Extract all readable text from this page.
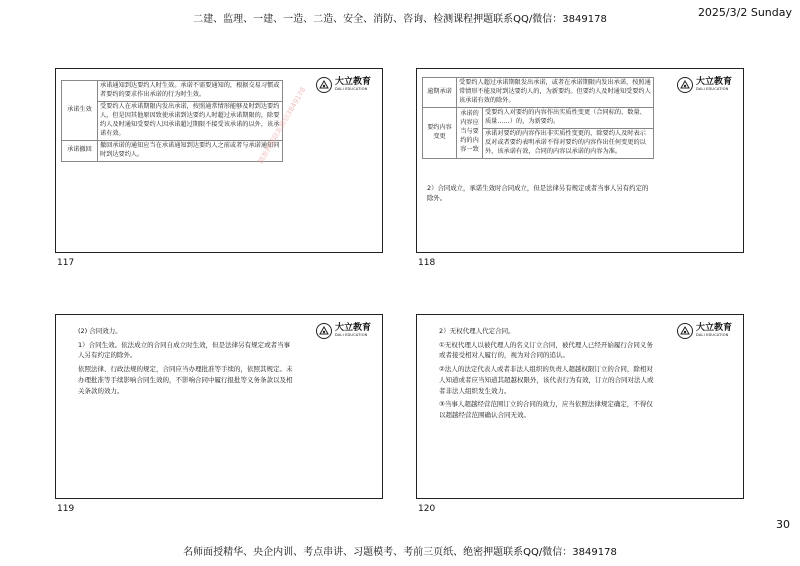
二建、监理、一建、一造、二造、安全、消防、咨询、检测课程押题联系QQ/微信：3849178
2025/3/2 Sunday
承诺生效	承诺通知到达要约人时生效。承诺不需要通知的，根据交易习惯或者要约的要求作出承诺的行为时生效。
	受要约人在承诺期限内发出承诺，按照通常情形能够及时到达要约人，但是因其他原因致使承诺到达要约人时超过承诺期限的，除要约人及时通知受要约人因承诺超过期限不接受该承诺的以外，该承诺有效。
承诺撤回	撤回承诺的通知应当在承诺通知到达要约人之前或者与承诺通知同时到达要约人。	精准押题联系微信3849178
大立教育
DALI EDUCATION
117
逾期承诺	受要约人超过承诺期限发出承诺，或者在承诺期限内发出承诺，按照通常情形不能及时到达要约人的，为新要约。但要约人及时通知受要约人该承诺有效的除外。	
要约内容变更	承诺的内容应当与要约的内容一致	受要约人对要约的内容作出实质性变更（合同标的、数量、质量……）的，为新要约。
		承诺对要约的内容作出非实质性变更的，除要约人及时表示反对或者要约表明承诺不得对要约的内容作出任何变更的以外，该承诺有效，合同的内容以承诺的内容为准。
2）合同成立，承诺生效时合同成立，但是法律另有规定或者当事人另有约定的除外。
大立教育
DALI EDUCATION
118

(2) 合同效力。

1）合同生效。依法成立的合同自成立时生效，但是法律另有规定或者当事人另有约定的除外。

依照法律、行政法规的规定，合同应当办理批准等手续的，依照其规定。未办理批准等手续影响合同生效的，不影响合同中履行报批等义务条款以及相关条款的效力。

大立教育
DALI EDUCATION
119

2）无权代理人代定合同。

①无权代理人以被代理人的名义订立合同，被代理人已经开始履行合同义务或者接受相对人履行的，视为对合同的追认。

②法人的法定代表人或者非法人组织的负责人超越权限订立的合同，除相对人知道或者应当知道其超越权限外，该代表行为有效，订立的合同对法人或者非法人组织发生效力。

③当事人超越经营范围订立的合同的效力，应当依照法律规定确定，不得仅以超越经营范围确认合同无效。

大立教育
DALI EDUCATION
120
30
名师面授精华、央企内训、考点串讲、习题模考、考前三页纸、绝密押题联系QQ/微信：3849178
